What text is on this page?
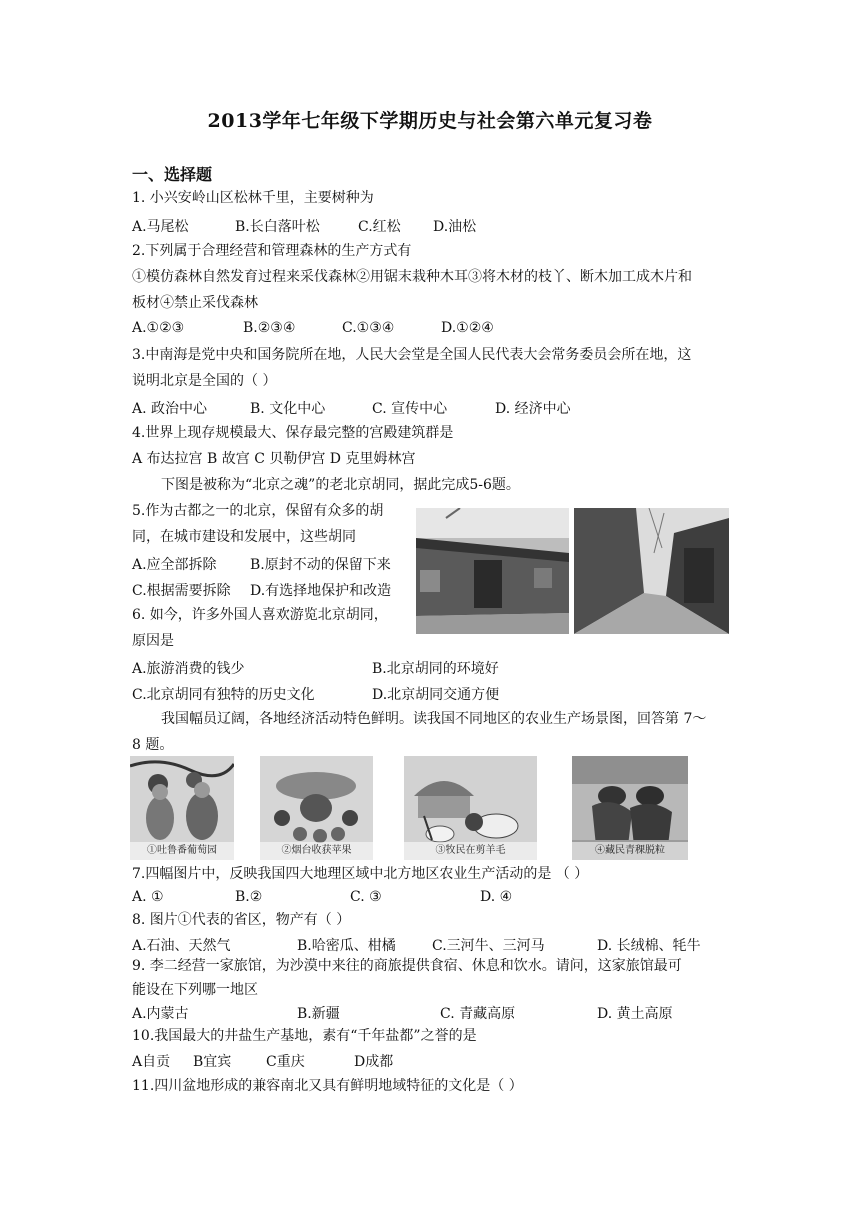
2013学年七年级下学期历史与社会第六单元复习卷
一、选择题
1. 小兴安岭山区松林千里，主要树种为
A.马尾松	B.长白落叶松	C.红松 D.油松
2.下列属于合理经营和管理森林的生产方式有
①模仿森林自然发育过程来采伐森林②用锯末栽种木耳③将木材的枝丫、断木加工成木片和
板材④禁止采伐森林
A.①②③	B.②③④	C.①③④	D.①②④
3.中南海是党中央和国务院所在地，人民大会堂是全国人民代表大会常务委员会所在地，这
说明北京是全国的（ ）
A. 政治中心	B. 文化中心	C. 宣传中心	D. 经济中心
4.世界上现存规模最大、保存最完整的宫殿建筑群是
A 布达拉宫 B 故宫 C 贝勒伊宫 D 克里姆林宫
下图是被称为“北京之魂”的老北京胡同，据此完成5-6题。
5.作为古都之一的北京，保留有众多的胡
同，在城市建设和发展中，这些胡同
A.应全部拆除 B.原封不动的保留下来
C.根据需要拆除 D.有选择地保护和改造
6. 如今，许多外国人喜欢游览北京胡同，
原因是
A.旅游消费的钱少	B.北京胡同的环境好
C.北京胡同有独特的历史文化	D.北京胡同交通方便
我国幅员辽阔，各地经济活动特色鲜明。读我国不同地区的农业生产场景图，回答第 7～
8 题。
①吐鲁番葡萄园	②烟台收获苹果	③牧民在剪羊毛	④藏民青稞脱粒
7.四幅图片中，反映我国四大地理区域中北方地区农业生产活动的是 （ ）
A. ①	B.②	C. ③	D. ④
8. 图片①代表的省区，物产有（ ）
A.石油、天然气	B.哈密瓜、柑橘	C.三河牛、三河马	D. 长绒棉、牦牛
9. 李二经营一家旅馆，为沙漠中来往的商旅提供食宿、休息和饮水。请问，这家旅馆最可
能设在下列哪一地区
A.内蒙古	B.新疆	C. 青藏高原	D. 黄土高原
10.我国最大的井盐生产基地，素有“千年盐都”之誉的是
A自贡 B宜宾 C重庆	D成都
11.四川盆地形成的兼容南北又具有鲜明地域特征的文化是（ ）
